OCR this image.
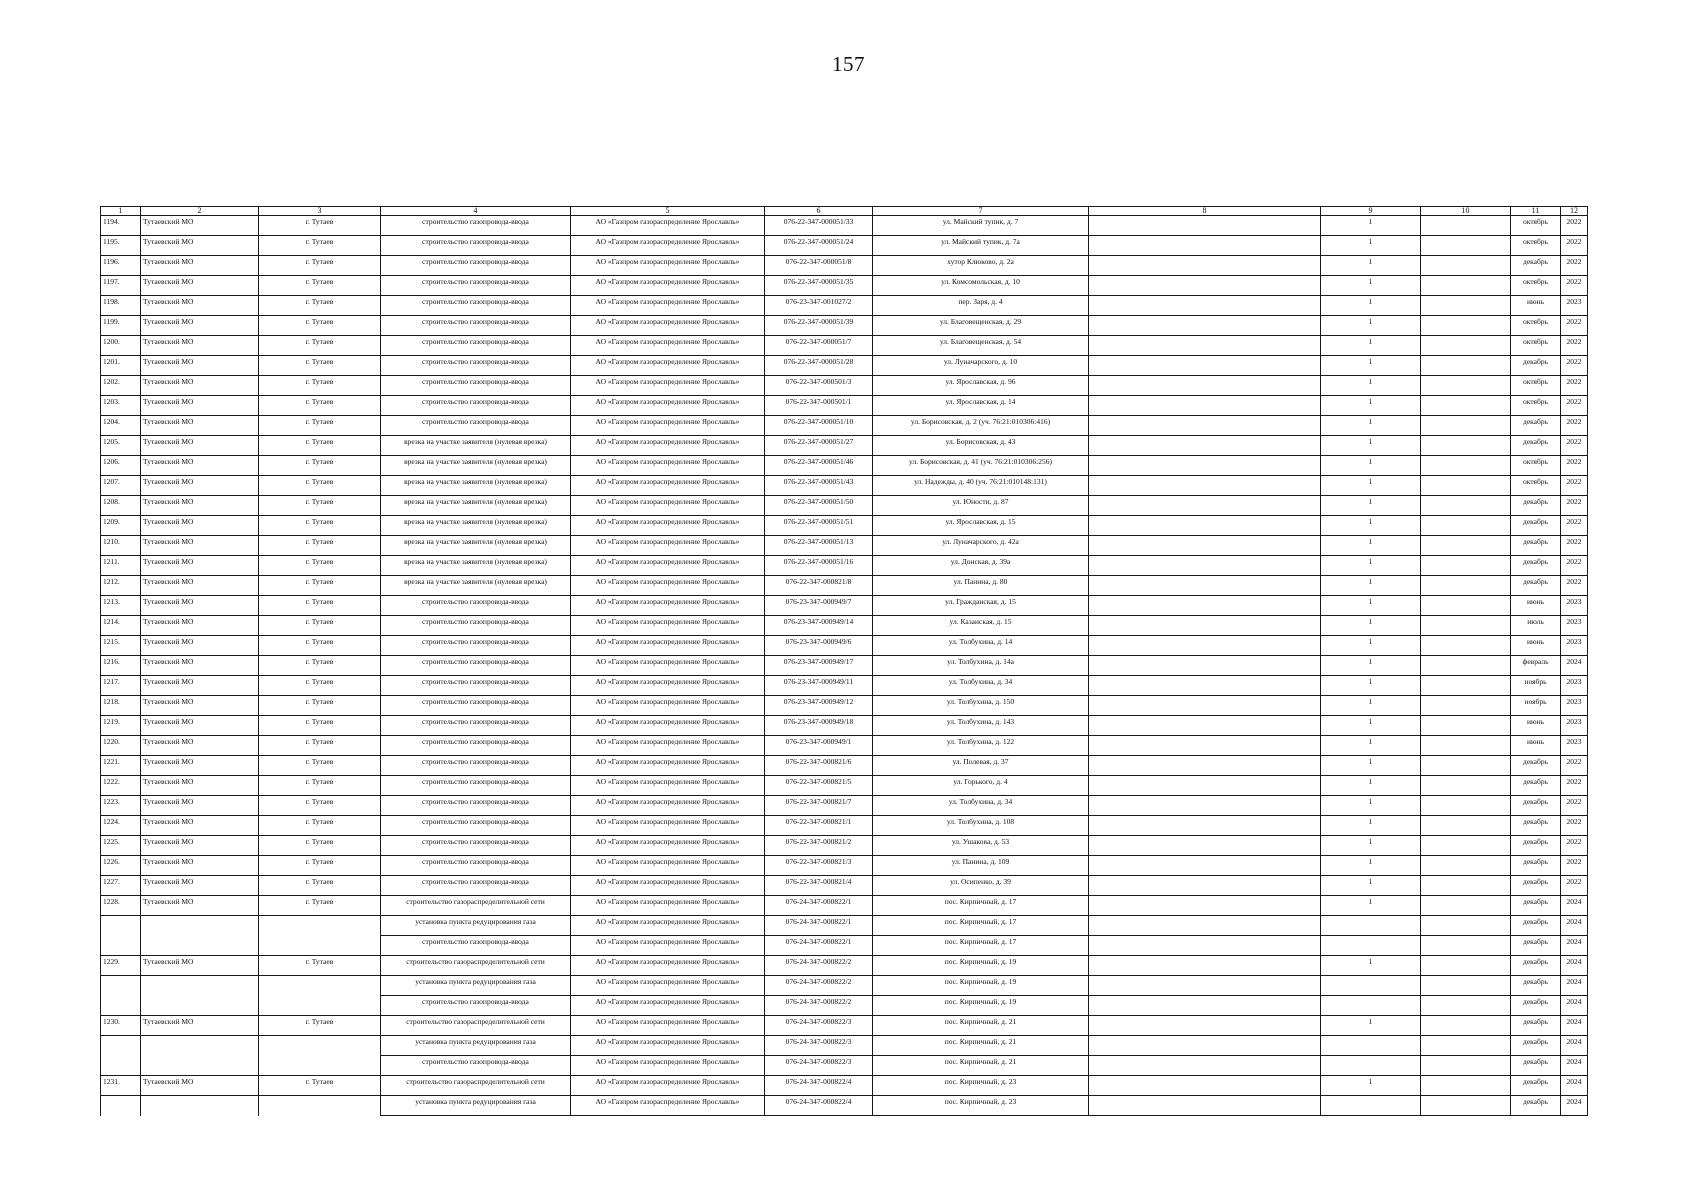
157
1	2	3	4	5	6	7	8	9	10	11	12
1194.	Тутаевский МО	г. Тутаев	строительство газопровода-ввода	АО «Газпром газораспределение Ярославль»	076-22-347-000051/33	ул. Майский тупик, д. 7		1		октябрь	2022
1195.	Тутаевский МО	г. Тутаев	строительство газопровода-ввода	АО «Газпром газораспределение Ярославль»	076-22-347-000051/24	ул. Майский тупик, д. 7а		1		октябрь	2022
1196.	Тутаевский МО	г. Тутаев	строительство газопровода-ввода	АО «Газпром газораспределение Ярославль»	076-22-347-000051/8	хутор Клюково, д. 2а		1		декабрь	2022
1197.	Тутаевский МО	г. Тутаев	строительство газопровода-ввода	АО «Газпром газораспределение Ярославль»	076-22-347-000051/35	ул. Комсомольская, д. 10		1		октябрь	2022
1198.	Тутаевский МО	г. Тутаев	строительство газопровода-ввода	АО «Газпром газораспределение Ярославль»	076-23-347-001027/2	пер. Заря, д. 4		1		июнь	2023
1199.	Тутаевский МО	г. Тутаев	строительство газопровода-ввода	АО «Газпром газораспределение Ярославль»	076-22-347-000051/39	ул. Благовещенская, д. 29		1		октябрь	2022
1200.	Тутаевский МО	г. Тутаев	строительство газопровода-ввода	АО «Газпром газораспределение Ярославль»	076-22-347-000051/7	ул. Благовещенская, д. 54		1		октябрь	2022
1201.	Тутаевский МО	г. Тутаев	строительство газопровода-ввода	АО «Газпром газораспределение Ярославль»	076-22-347-000051/28	ул. Луначарского, д. 10		1		декабрь	2022
1202.	Тутаевский МО	г. Тутаев	строительство газопровода-ввода	АО «Газпром газораспределение Ярославль»	076-22-347-000501/3	ул. Ярославская, д. 96		1		октябрь	2022
1203.	Тутаевский МО	г. Тутаев	строительство газопровода-ввода	АО «Газпром газораспределение Ярославль»	076-22-347-000501/1	ул. Ярославская, д. 14		1		октябрь	2022
1204.	Тутаевский МО	г. Тутаев	строительство газопровода-ввода	АО «Газпром газораспределение Ярославль»	076-22-347-000051/10	ул. Борисовская, д. 2 (уч. 76:21:010306:416)		1		декабрь	2022
1205.	Тутаевский МО	г. Тутаев	врезка на участке заявителя (нулевая врезка)	АО «Газпром газораспределение Ярославль»	076-22-347-000051/27	ул. Борисовская, д. 43		1		декабрь	2022
1206.	Тутаевский МО	г. Тутаев	врезка на участке заявителя (нулевая врезка)	АО «Газпром газораспределение Ярославль»	076-22-347-000051/46	ул. Борисовская, д. 41 (уч. 76:21:010306:256)		1		октябрь	2022
1207.	Тутаевский МО	г. Тутаев	врезка на участке заявителя (нулевая врезка)	АО «Газпром газораспределение Ярославль»	076-22-347-000051/43	ул. Надежды, д. 40 (уч. 76:21:010148:131)		1		октябрь	2022
1208.	Тутаевский МО	г. Тутаев	врезка на участке заявителя (нулевая врезка)	АО «Газпром газораспределение Ярославль»	076-22-347-000051/50	ул. Юности, д. 87		1		декабрь	2022
1209.	Тутаевский МО	г. Тутаев	врезка на участке заявителя (нулевая врезка)	АО «Газпром газораспределение Ярославль»	076-22-347-000051/51	ул. Ярославская, д. 15		1		декабрь	2022
1210.	Тутаевский МО	г. Тутаев	врезка на участке заявителя (нулевая врезка)	АО «Газпром газораспределение Ярославль»	076-22-347-000051/13	ул. Луначарского, д. 42а		1		декабрь	2022
1211.	Тутаевский МО	г. Тутаев	врезка на участке заявителя (нулевая врезка)	АО «Газпром газораспределение Ярославль»	076-22-347-000051/16	ул. Донская, д. 39а		1		декабрь	2022
1212.	Тутаевский МО	г. Тутаев	врезка на участке заявителя (нулевая врезка)	АО «Газпром газораспределение Ярославль»	076-22-347-000821/8	ул. Панина, д. 80		1		декабрь	2022
1213.	Тутаевский МО	г. Тутаев	строительство газопровода-ввода	АО «Газпром газораспределение Ярославль»	076-23-347-000949/7	ул. Гражданская, д. 15		1		июнь	2023
1214.	Тутаевский МО	г. Тутаев	строительство газопровода-ввода	АО «Газпром газораспределение Ярославль»	076-23-347-000949/14	ул. Казанская, д. 15		1		июль	2023
1215.	Тутаевский МО	г. Тутаев	строительство газопровода-ввода	АО «Газпром газораспределение Ярославль»	076-23-347-000949/6	ул. Толбухина, д. 14		1		июнь	2023
1216.	Тутаевский МО	г. Тутаев	строительство газопровода-ввода	АО «Газпром газораспределение Ярославль»	076-23-347-000949/17	ул. Толбухина, д. 14а		1		февраль	2024
1217.	Тутаевский МО	г. Тутаев	строительство газопровода-ввода	АО «Газпром газораспределение Ярославль»	076-23-347-000949/11	ул. Толбухина, д. 34		1		ноябрь	2023
1218.	Тутаевский МО	г. Тутаев	строительство газопровода-ввода	АО «Газпром газораспределение Ярославль»	076-23-347-000949/12	ул. Толбухина, д. 150		1		ноябрь	2023
1219.	Тутаевский МО	г. Тутаев	строительство газопровода-ввода	АО «Газпром газораспределение Ярославль»	076-23-347-000949/18	ул. Толбухина, д. 143		1		июнь	2023
1220.	Тутаевский МО	г. Тутаев	строительство газопровода-ввода	АО «Газпром газораспределение Ярославль»	076-23-347-000949/1	ул. Толбухина, д. 122		1		июнь	2023
1221.	Тутаевский МО	г. Тутаев	строительство газопровода-ввода	АО «Газпром газораспределение Ярославль»	076-22-347-000821/6	ул. Полевая, д. 37		1		декабрь	2022
1222.	Тутаевский МО	г. Тутаев	строительство газопровода-ввода	АО «Газпром газораспределение Ярославль»	076-22-347-000821/5	ул. Горького, д. 4		1		декабрь	2022
1223.	Тутаевский МО	г. Тутаев	строительство газопровода-ввода	АО «Газпром газораспределение Ярославль»	076-22-347-000821/7	ул. Толбухина, д. 34		1		декабрь	2022
1224.	Тутаевский МО	г. Тутаев	строительство газопровода-ввода	АО «Газпром газораспределение Ярославль»	076-22-347-000821/1	ул. Толбухина, д. 108		1		декабрь	2022
1225.	Тутаевский МО	г. Тутаев	строительство газопровода-ввода	АО «Газпром газораспределение Ярославль»	076-22-347-000821/2	ул. Ушакова, д. 53		1		декабрь	2022
1226.	Тутаевский МО	г. Тутаев	строительство газопровода-ввода	АО «Газпром газораспределение Ярославль»	076-22-347-000821/3	ул. Панина, д. 109		1		декабрь	2022
1227.	Тутаевский МО	г. Тутаев	строительство газопровода-ввода	АО «Газпром газораспределение Ярославль»	076-22-347-000821/4	ул. Осипенко, д. 39		1		декабрь	2022
1228.	Тутаевский МО	г. Тутаев	строительство газораспределительной сети	АО «Газпром газораспределение Ярославль»	076-24-347-000822/1	пос. Кирпичный, д. 17		1		декабрь	2024
			установка пункта редуцирования газа	АО «Газпром газораспределение Ярославль»	076-24-347-000822/1	пос. Кирпичный, д. 17				декабрь	2024
			строительство газопровода-ввода	АО «Газпром газораспределение Ярославль»	076-24-347-000822/1	пос. Кирпичный, д. 17				декабрь	2024
1229.	Тутаевский МО	г. Тутаев	строительство газораспределительной сети	АО «Газпром газораспределение Ярославль»	076-24-347-000822/2	пос. Кирпичный, д. 19		1		декабрь	2024
			установка пункта редуцирования газа	АО «Газпром газораспределение Ярославль»	076-24-347-000822/2	пос. Кирпичный, д. 19				декабрь	2024
			строительство газопровода-ввода	АО «Газпром газораспределение Ярославль»	076-24-347-000822/2	пос. Кирпичный, д. 19				декабрь	2024
1230.	Тутаевский МО	г. Тутаев	строительство газораспределительной сети	АО «Газпром газораспределение Ярославль»	076-24-347-000822/3	пос. Кирпичный, д. 21		1		декабрь	2024
			установка пункта редуцирования газа	АО «Газпром газораспределение Ярославль»	076-24-347-000822/3	пос. Кирпичный, д. 21				декабрь	2024
			строительство газопровода-ввода	АО «Газпром газораспределение Ярославль»	076-24-347-000822/3	пос. Кирпичный, д. 21				декабрь	2024
1231.	Тутаевский МО	г. Тутаев	строительство газораспределительной сети	АО «Газпром газораспределение Ярославль»	076-24-347-000822/4	пос. Кирпичный, д. 23		1		декабрь	2024
			установка пункта редуцирования газа	АО «Газпром газораспределение Ярославль»	076-24-347-000822/4	пос. Кирпичный, д. 23				декабрь	2024
